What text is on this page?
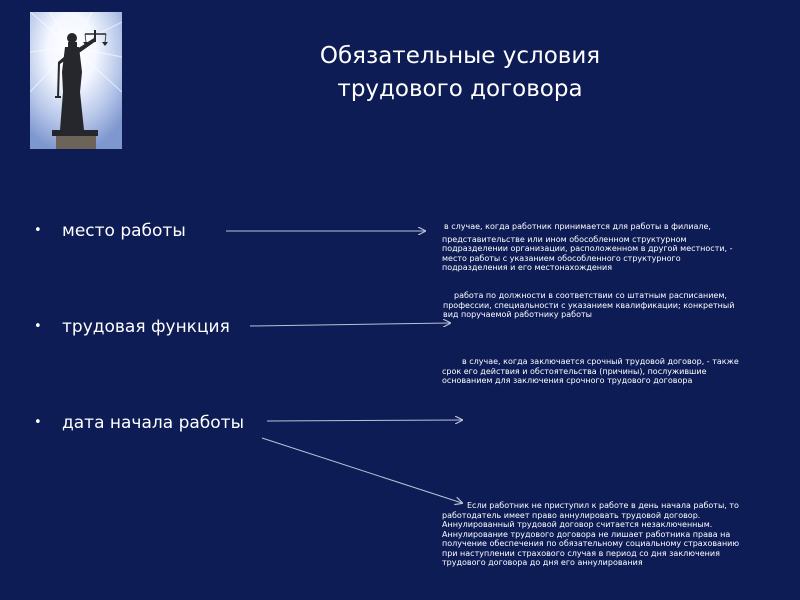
Обязательные условия
трудового договора
• место работы
• трудовая функция
• дата начала работы
в случае, когда работник принимается для работы в филиале,
представительстве или ином обособленном структурном
подразделении организации, расположенном в другой местности, -
место работы с указанием обособленного структурного
подразделения и его местонахождения
работа по должности в соответствии со штатным расписанием,
профессии, специальности с указанием квалификации; конкретный
вид поручаемой работнику работы
в случае, когда заключается срочный трудовой договор, - также
срок его действия и обстоятельства (причины), послужившие
основанием для заключения срочного трудового договора
Если работник не приступил к работе в день начала работы, то
работодатель имеет право аннулировать трудовой договор.
Аннулированный трудовой договор считается незаключенным.
Аннулирование трудового договора не лишает работника права на
получение обеспечения по обязательному социальному страхованию
при наступлении страхового случая в период со дня заключения
трудового договора до дня его аннулирования
